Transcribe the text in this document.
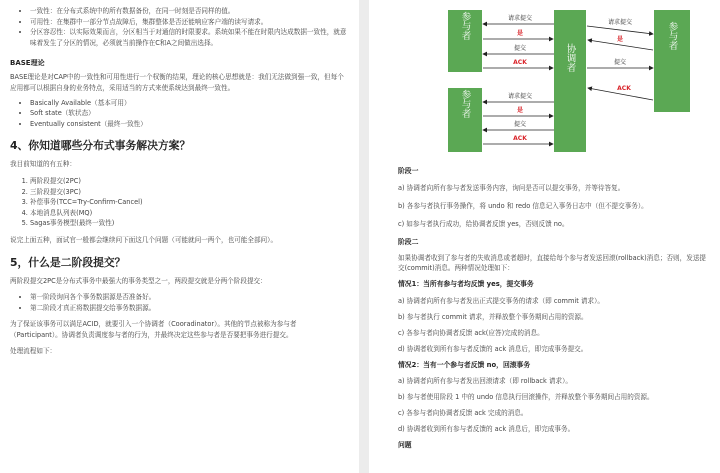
• 一致性：在分布式系统中的所有数据备份，在同一时刻是否同样的值。
• 可用性：在集群中一部分节点故障后，集群整体是否还能响应客户端的读写请求。
• 分区容忍性：以实际效果而言，分区相当于对通信的时限要求。系统如果不能在时限内达成数据一致性，就意味着发生了分区的情况，必须就当前操作在C和A之间做出选择。
BASE理论

BASE理论是对CAP中的一致性和可用性进行一个权衡的结果，理论的核心思想就是：我们无法做到强一致，但每个应用都可以根据自身的业务特点，采用适当的方式来使系统达到最终一致性。

• Basically Available（基本可用）
• Soft state（软状态）
• Eventually consistent（最终一致性）
4、你知道哪些分布式事务解决方案？

我目前知道的有五种：

1. 两阶段提交(2PC)
2. 三阶段提交(3PC)
3. 补偿事务(TCC=Try-Confirm-Cancel)
4. 本地消息队列表(MQ)
5. Sagas事务模型(最终一致性)

说完上面五种，面试官一般都会继续问下面这几个问题（可能就问一两个，也可能全部问）。

5，什么是二阶段提交？

两阶段提交2PC是分布式事务中最强大的事务类型之一，两段提交就是分两个阶段提交：

• 第一阶段询问各个事务数据源是否准备好。
• 第二阶段才真正将数据提交给事务数据源。

为了保证该事务可以满足ACID，就要引入一个协调者（Cooradinator）。其他的节点被称为参与者（Participant）。协调者负责调度参与者的行为，并最终决定这些参与者是否要把事务进行提交。

处理流程如下：

参与者
参与者
协调者
参与者
请求提交
是
提交
ACK
请求提交
是
提交
ACK
请求提交
是
提交
ACK

阶段一

a) 协调者向所有参与者发送事务内容，询问是否可以提交事务，并等待答复。

b) 各参与者执行事务操作，将 undo 和 redo 信息记入事务日志中（但不提交事务）。

c) 如参与者执行成功，给协调者反馈 yes，否则反馈 no。

阶段二

如果协调者收到了参与者的失败消息或者超时，直接给每个参与者发送回滚(rollback)消息；否则，发送提交(commit)消息。两种情况处理如下：

情况1：当所有参与者均反馈 yes，提交事务

a) 协调者向所有参与者发出正式提交事务的请求（即 commit 请求）。

b) 参与者执行 commit 请求，并释放整个事务期间占用的资源。

c) 各参与者向协调者反馈 ack(应答)完成的消息。

d) 协调者收到所有参与者反馈的 ack 消息后，即完成事务提交。

情况2：当有一个参与者反馈 no，回滚事务

a) 协调者向所有参与者发出回滚请求（即 rollback 请求）。

b) 参与者使用阶段 1 中的 undo 信息执行回滚操作，并释放整个事务期间占用的资源。

c) 各参与者向协调者反馈 ack 完成的消息。

d) 协调者收到所有参与者反馈的 ack 消息后，即完成事务。

问题
